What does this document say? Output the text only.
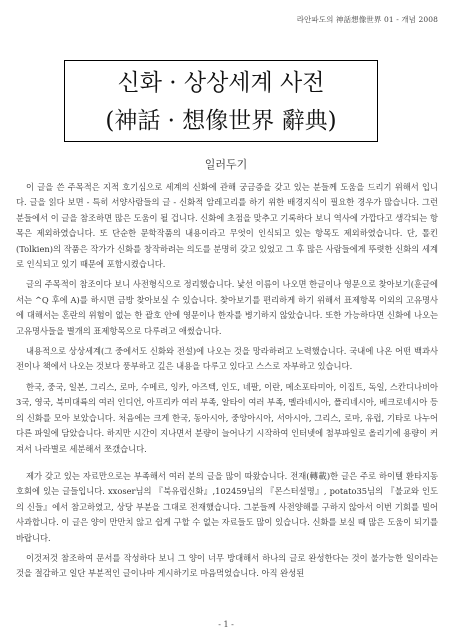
라안파도의 神話想像世界 01 - 개념 2008
신화 · 상상세계 사전
(神話 · 想像世界 辭典)
일러두기

이 글을 쓴 주목적은 지적 호기심으로 세계의 신화에 관해 궁금증을 갖고 있는 분들께 도움을 드리기 위해서 입니다. 글을 읽다 보면 - 특히 서양사람들의 글 - 신화적 암레고리를 하기 위한 배경지식이 필요한 경우가 많습니다. 그런 분들에서 이 글을 참조하면 많은 도움이 될 겁니다. 신화에 초점을 맞추고 기록하다 보니 역사에 가깝다고 생각되는 항목은 제외하였습니다. 또 단순한 문학작품의 내용이라고 무엇이 인식되고 있는 항목도 제외하였습니다. 단, 톨킨(Tolkien)의 작품은 작가가 신화를 창작하려는 의도를 분명히 갖고 있었고 그 후 많은 사람들에게 뚜렷한 신화의 세계로 인식되고 있기 때문에 포함시켰습니다.

글의 주목적이 참조이다 보니 사전형식으로 정리했습니다. 낯선 이름이 나오면 한글이나 영문으로 찾아보기(훈글에서는 ^Q 후에 A)를 하시면 금방 찾아보실 수 있습니다. 찾아보기를 편리하게 하기 위해서 표제항목 이외의 고유명사에 대해서는 혼란의 위험이 없는 한 괄호 안에 영문이나 한자를 병기하지 않았습니다. 또한 가능하다면 신화에 나오는 고유명사들을 별개의 표제항목으로 다루려고 애썼습니다.

내용적으로 상상세계(그 중에서도 신화와 전설)에 나오는 것을 망라하려고 노력했습니다. 국내에 나온 어떤 백과사전이나 책에서 나오는 것보다 풍부하고 깊은 내용을 다루고 있다고 스스로 자부하고 있습니다.

한국, 중국, 일본, 그리스, 로마, 수메르, 잉카, 아즈텍, 인도, 네팔, 이란, 메소포타미아, 이집트, 독일, 스칸디나비아 3국, 영국, 북미대륙의 여러 인디언, 아프리카 여러 부족, 알타이 여러 부족, 멜라네시아, 폴리네시아, 베크로네시아 등의 신화를 모아 보았습니다. 처음에는 크게 한국, 동아시아, 중앙아시아, 서아시아, 그리스, 로마, 유럽, 기타로 나누어 다른 파일에 담았습니다. 하지만 시간이 지나면서 분량이 늘어나기 시작하여 인터넷에 첨부파일로 올리기에 용량이 커져서 나라별로 세분해서 쪼갰습니다.

제가 갖고 있는 자료만으로는 부족해서 여러 분의 글을 많이 따왔습니다. 전재(轉載)한 글은 주로 하이텔 환타지동호회에 있는 글들입니다. xxoser님의 『북유럽신화』,102459님의 『몬스터설명』, potato35님의 『불교와 인도의 신들』에서 참고하였고, 상당 부분을 그대로 전재했습니다. 그분들께 사전양해를 구하지 않아서 이번 기회를 빌어 사과합니다. 이 글은 양이 만만치 않고 쉽게 구할 수 없는 자료들도 많이 있습니다. 신화를 보실 때 많은 도움이 되기를 바랍니다.

이것저것 참조하여 문서를 작성하다 보니 그 양이 너무 방대해서 하나의 글로 완성한다는 것이 불가능한 일이라는 것을 절감하고 일단 부분적인 글이나마 게시하기로 마음먹었습니다. 아직 완성된

- 1 -
